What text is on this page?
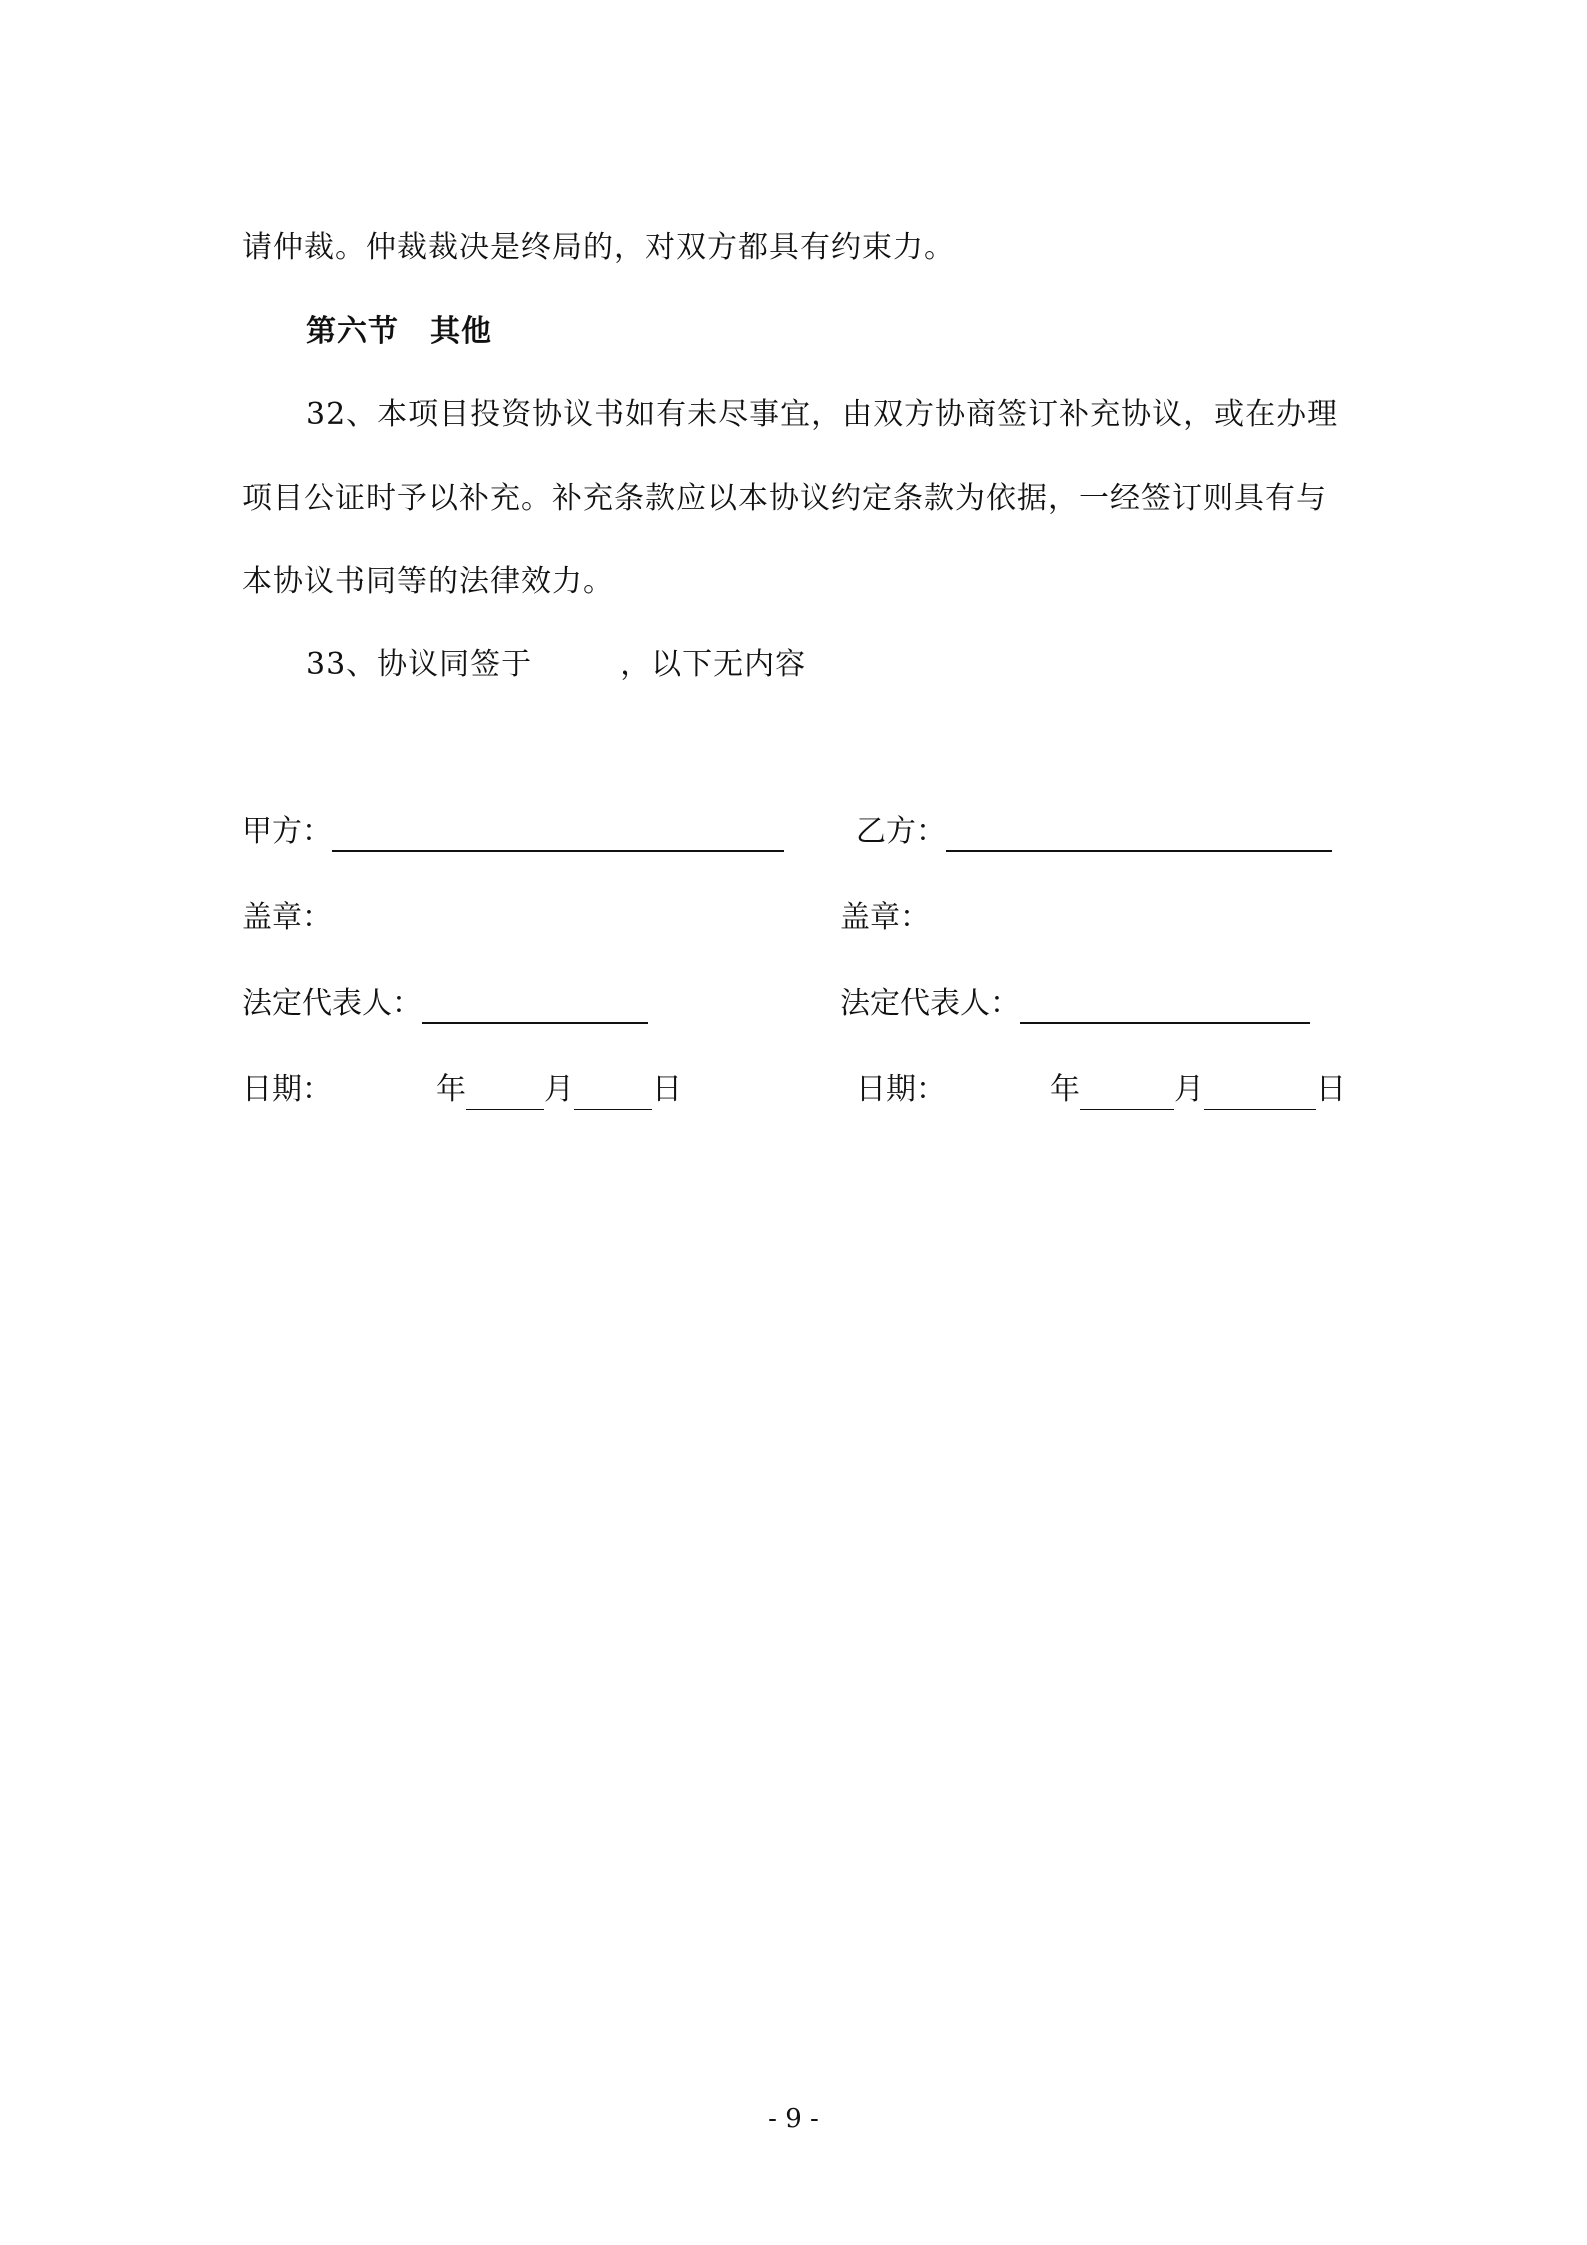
请仲裁。仲裁裁决是终局的，对双方都具有约束力。
第六节　其他
32、本项目投资协议书如有未尽事宜，由双方协商签订补充协议，或在办理
项目公证时予以补充。补充条款应以本协议约定条款为依据，一经签订则具有与
本协议书同等的法律效力。
33、协议同签于	，以下无内容
甲方：	乙方：
盖章：	盖章：
法定代表人：	法定代表人：
日期：	年	月	日	日期：	年	月	日
- 9 -
